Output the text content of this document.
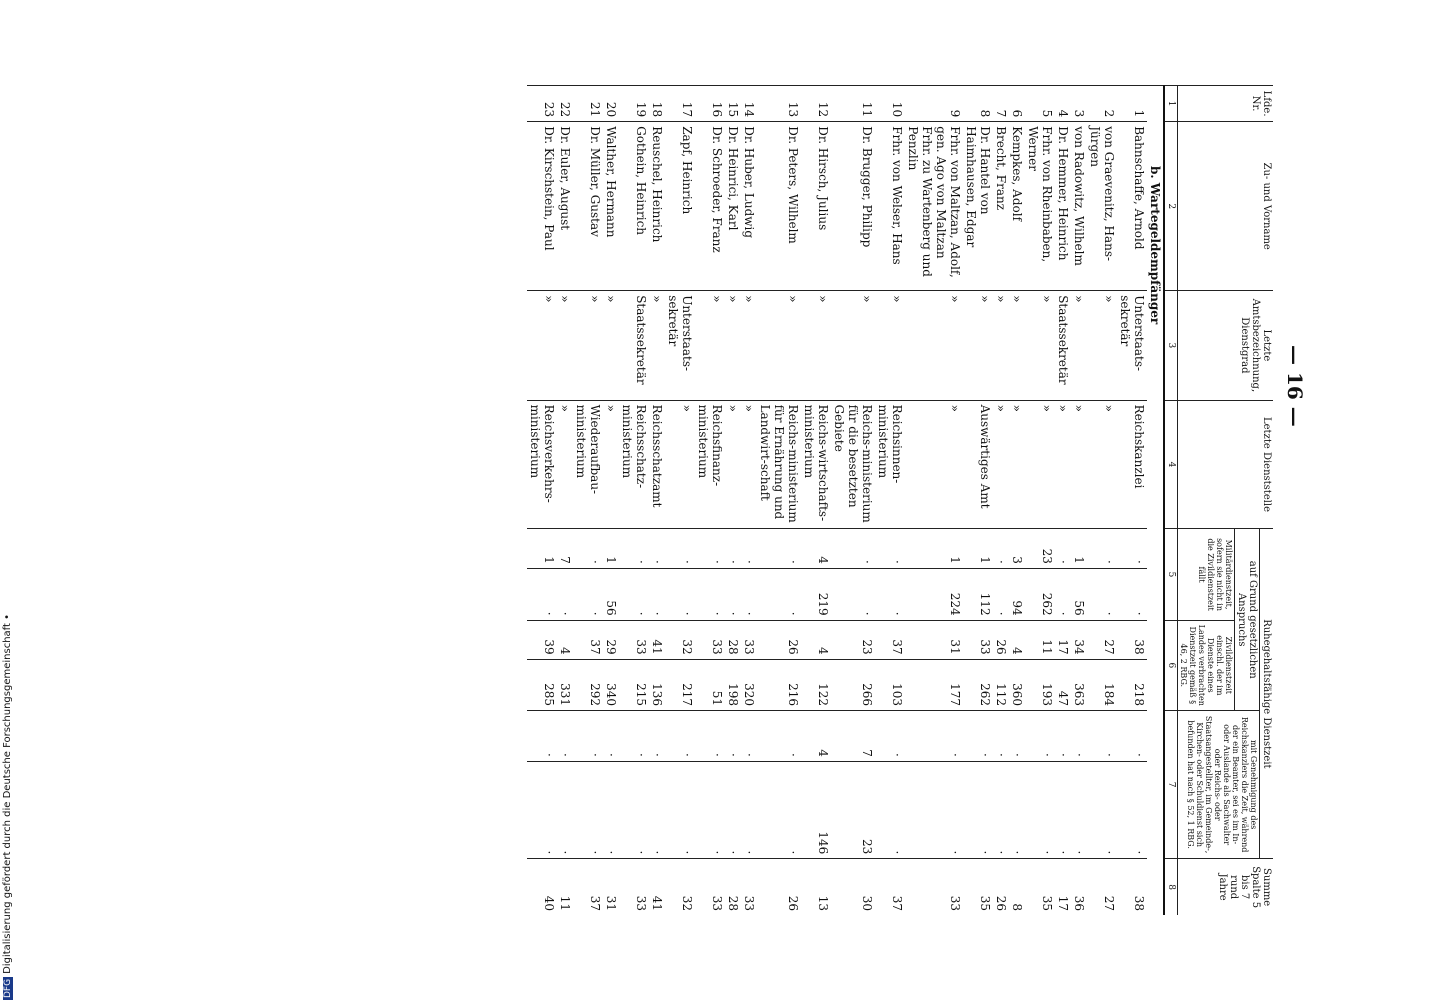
— 16 —
Lfde. Nr.	Zu- und Vorname	Letzte Amtsbezeichnung, Dienstgrad	Letzte Dienststelle	Ruhegehaltsfähige Dienstzeit						Summe Spalte 5 bis 7 rund Jahre
				auf Grund gesetzlichen Anspruchs				mit Genehmigung des Reichskanzlers die Zeit, während der ein Beamter, sei es im In- oder Auslande als Sachwalter oder Reichs- oder Staatsangestellter, im Gemeinde-, Kirchen- oder Schuldienst sich befunden hat nach § 52, 1 RBG.		
				Militärdienstzeit, sofern sie nicht in die Zivildienstzeit fällt		Zivildienstzeit einschl. der im Dienste eines Landes verbrachten Dienstzeit gemäß § 46, 2 RBG.				
1	2	3	4	5		6		7		8
b. Wartegeldempfänger										
1	Bahnschaffe, Arnold	Unterstaats-sekretär	Reichskanzlei	·	·	38	218	·	·	38
2	von Graevenitz, Hans-Jürgen	»	»	·	·	27	184	·	·	27
3	von Radowitz, Wilhelm	»	»	1	56	34	363	·	·	36
4	Dr. Hemmer, Heinrich	Staatssekretär	»	·	·	17	47	·	·	17
5	Frhr. von Rheinbaben, Werner	»	»	23	262	11	193	·	·	35
6	Kempkes, Adolf	»	»	3	94	4	360	·	·	8
7	Brecht, Franz	»	»	·	·	26	112	·	·	26
8	Dr. Hantel von Haimhausen, Edgar	»	Auswärtiges Amt	1	112	33	262	·	·	35
9	Frhr. von Maltzan, Adolf, gen. Ago von Maltzan Frhr. zu Wartenberg und Penzlin	»	»	1	224	31	177	·	·	33
10	Frhr. von Welser, Hans	»	Reichsinnen-ministerium	·	·	37	103	·	·	37
11	Dr. Brugger, Philipp	»	Reichs-ministerium für die besetzten Gebiete	·	·	23	266	7	23	30
12	Dr. Hirsch, Julius	»	Reichs-wirtschafts-ministerium	4	219	4	122	4	146	13
13	Dr. Peters, Wilhelm	»	Reichs-ministerium für Ernährung und Landwirt-schaft	·	·	26	216	·	·	26
14	Dr. Huber, Ludwig	»	»	·	·	33	320	·	·	33
15	Dr. Heinrici, Karl	»	»	·	·	28	198	·	·	28
16	Dr. Schroeder, Franz	»	Reichsfinanz-ministerium	·	·	33	51	·	·	33
17	Zapf, Heinrich	Unterstaats-sekretär	»	·	·	32	217	·	·	32
18	Reuschel, Heinrich	»	Reichsschatzamt	·	·	41	136	·	·	41
19	Gothein, Heinrich	Staatssekretär	Reichsschatz-ministerium	·	·	33	215	·	·	33
20	Walther, Hermann	»	»	1	56	29	340	·	·	31
21	Dr. Müller, Gustav	»	Wiederaufbau-ministerium	·	·	37	292	·	·	37
22	Dr. Euler, August	»	»	7	·	4	331	·	·	11
23	Dr. Kirschstein, Paul	»	Reichsverkehrs-ministerium	1	·	39	285	·	·	40
DFGDigitalisierung gefördert durch die Deutsche Forschungsgemeinschaft •
